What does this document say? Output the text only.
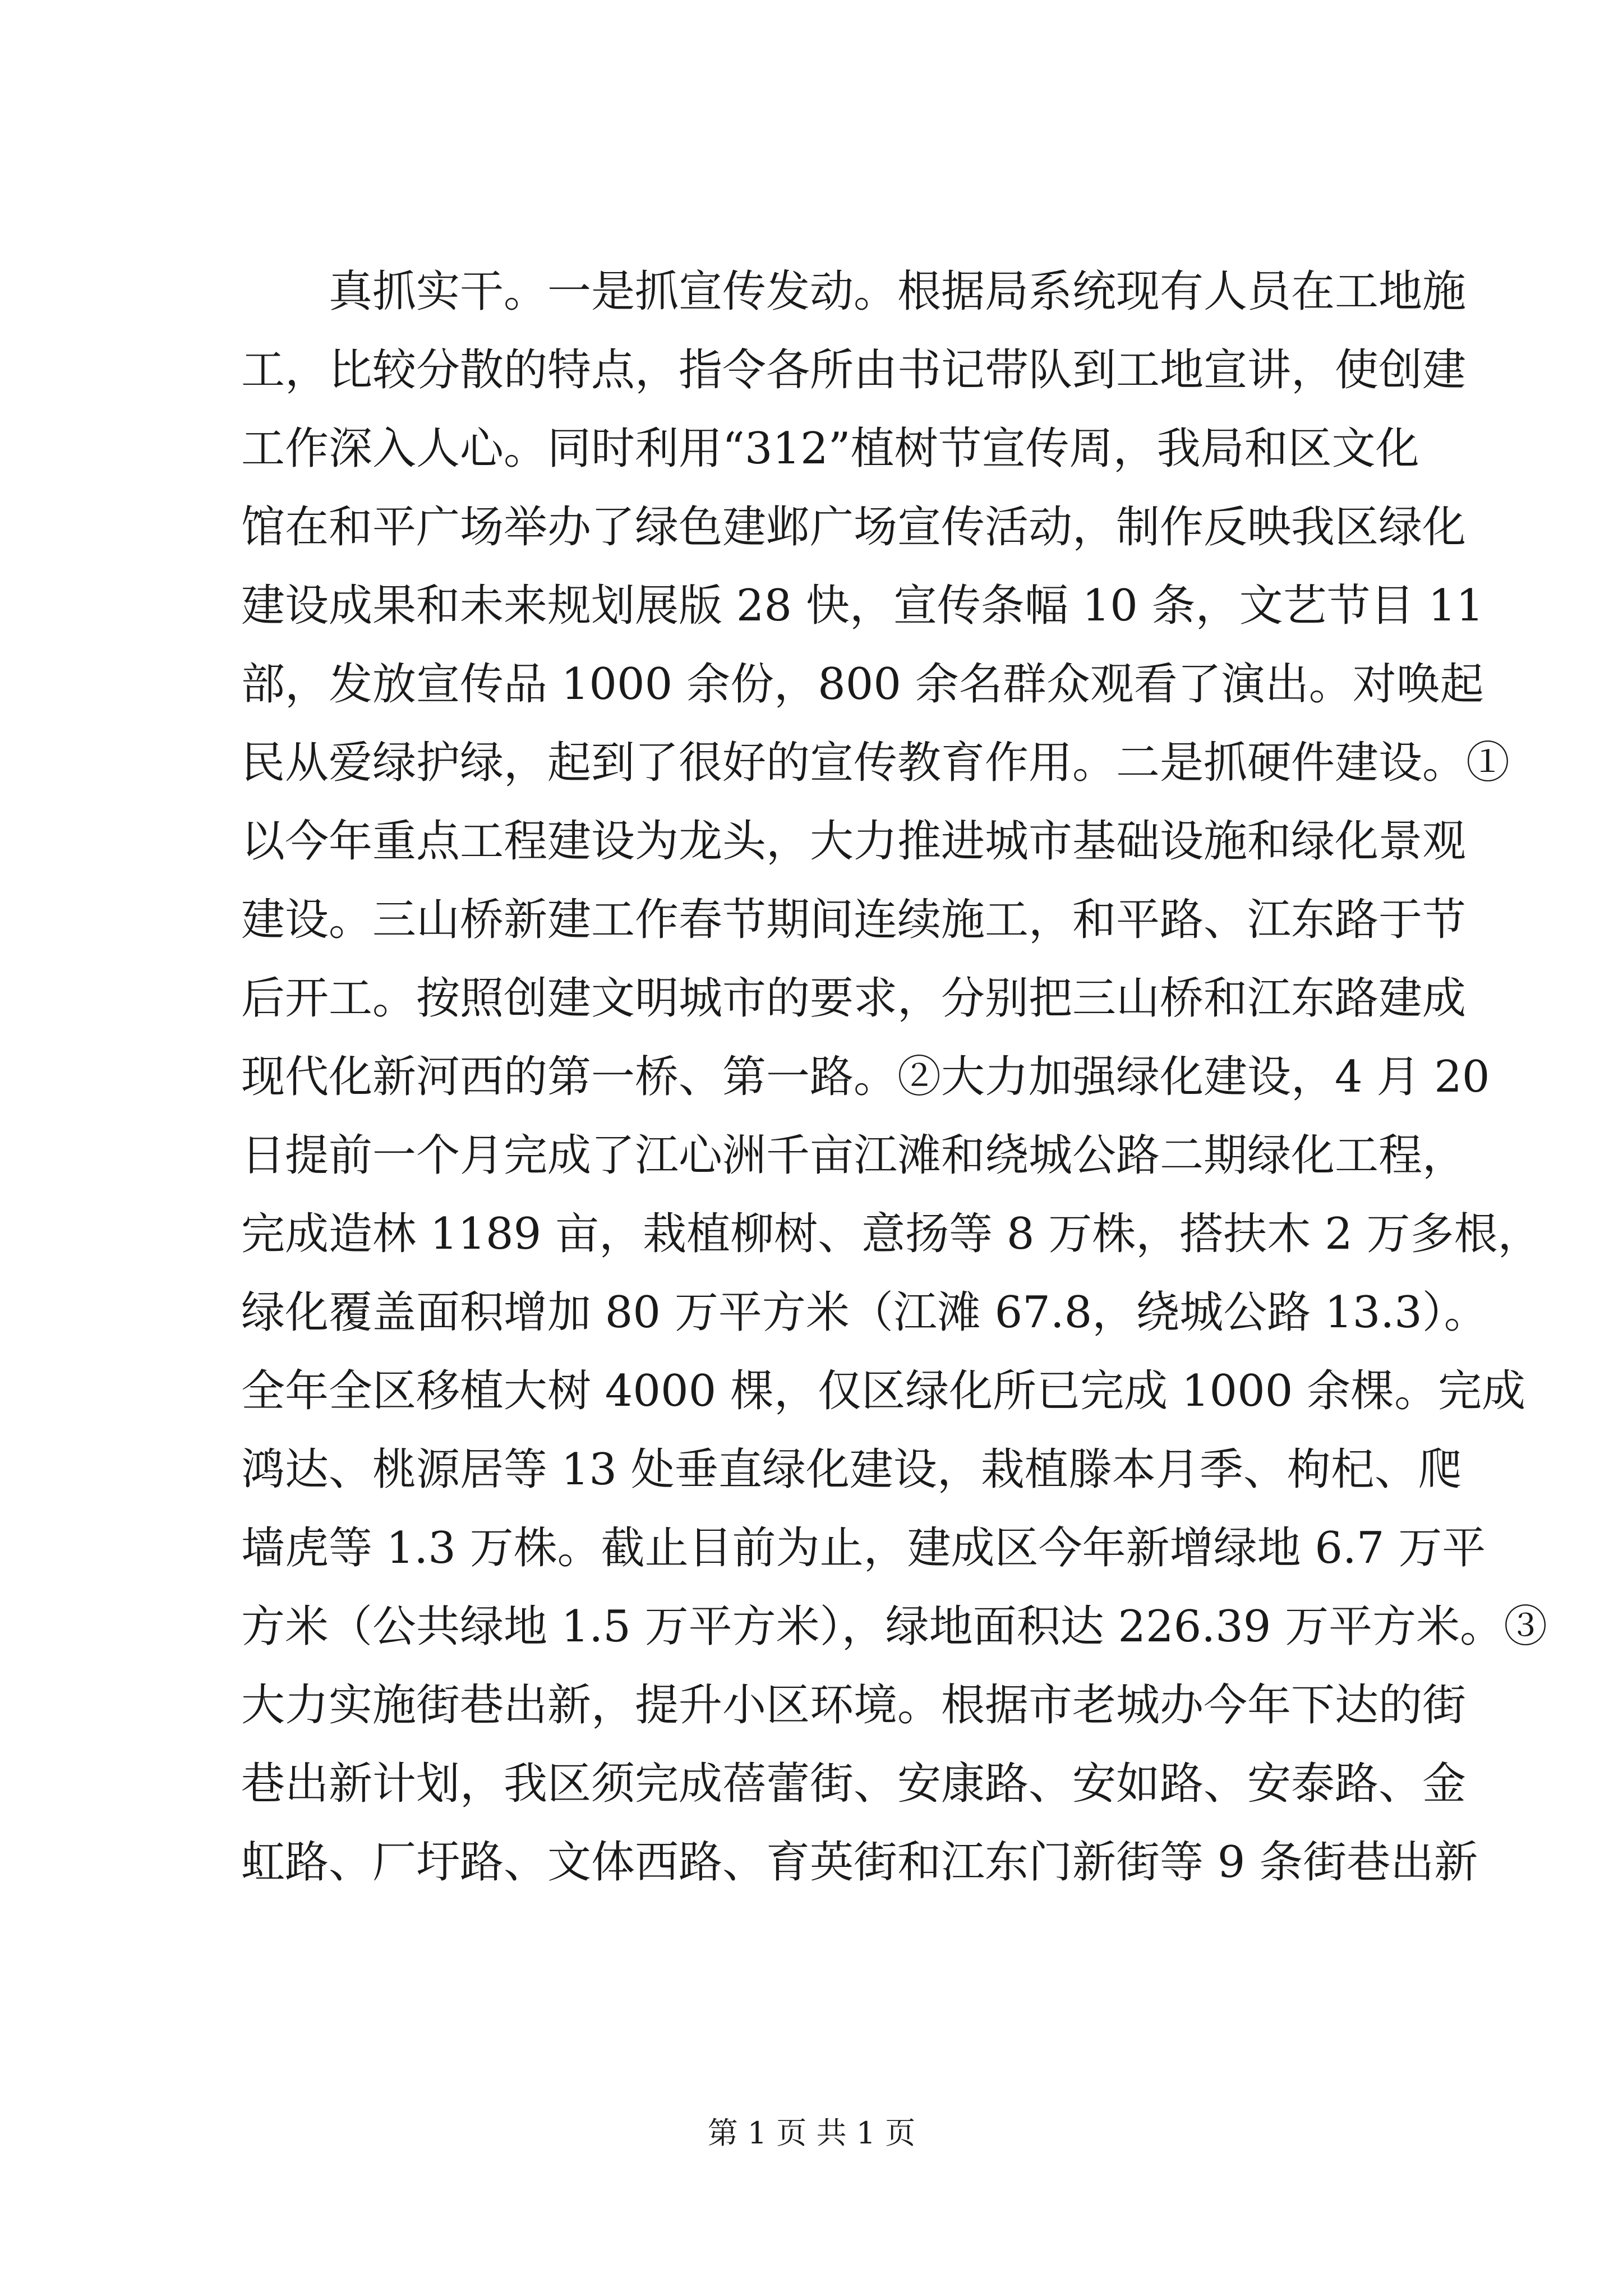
真抓实干。一是抓宣传发动。根据局系统现有人员在工地施
工，比较分散的特点，指令各所由书记带队到工地宣讲，使创建
工作深入人心。同时利用“312”植树节宣传周，我局和区文化
馆在和平广场举办了绿色建邺广场宣传活动，制作反映我区绿化
建设成果和未来规划展版 28 快，宣传条幅 10 条，文艺节目 11
部，发放宣传品 1000 余份，800 余名群众观看了演出。对唤起
民从爱绿护绿，起到了很好的宣传教育作用。二是抓硬件建设。①
以今年重点工程建设为龙头，大力推进城市基础设施和绿化景观
建设。三山桥新建工作春节期间连续施工，和平路、江东路于节
后开工。按照创建文明城市的要求，分别把三山桥和江东路建成
现代化新河西的第一桥、第一路。②大力加强绿化建设，4 月 20
日提前一个月完成了江心洲千亩江滩和绕城公路二期绿化工程，
完成造林 1189 亩，栽植柳树、意扬等 8 万株，搭扶木 2 万多根，
绿化覆盖面积增加 80 万平方米（江滩 67.8，绕城公路 13.3）。
全年全区移植大树 4000 棵，仅区绿化所已完成 1000 余棵。完成
鸿达、桃源居等 13 处垂直绿化建设，栽植滕本月季、枸杞、爬
墙虎等 1.3 万株。截止目前为止，建成区今年新增绿地 6.7 万平
方米（公共绿地 1.5 万平方米），绿地面积达 226.39 万平方米。③
大力实施街巷出新，提升小区环境。根据市老城办今年下达的街
巷出新计划，我区须完成蓓蕾街、安康路、安如路、安泰路、金
虹路、厂圩路、文体西路、育英街和江东门新街等 9 条街巷出新
第 1 页 共 1 页
